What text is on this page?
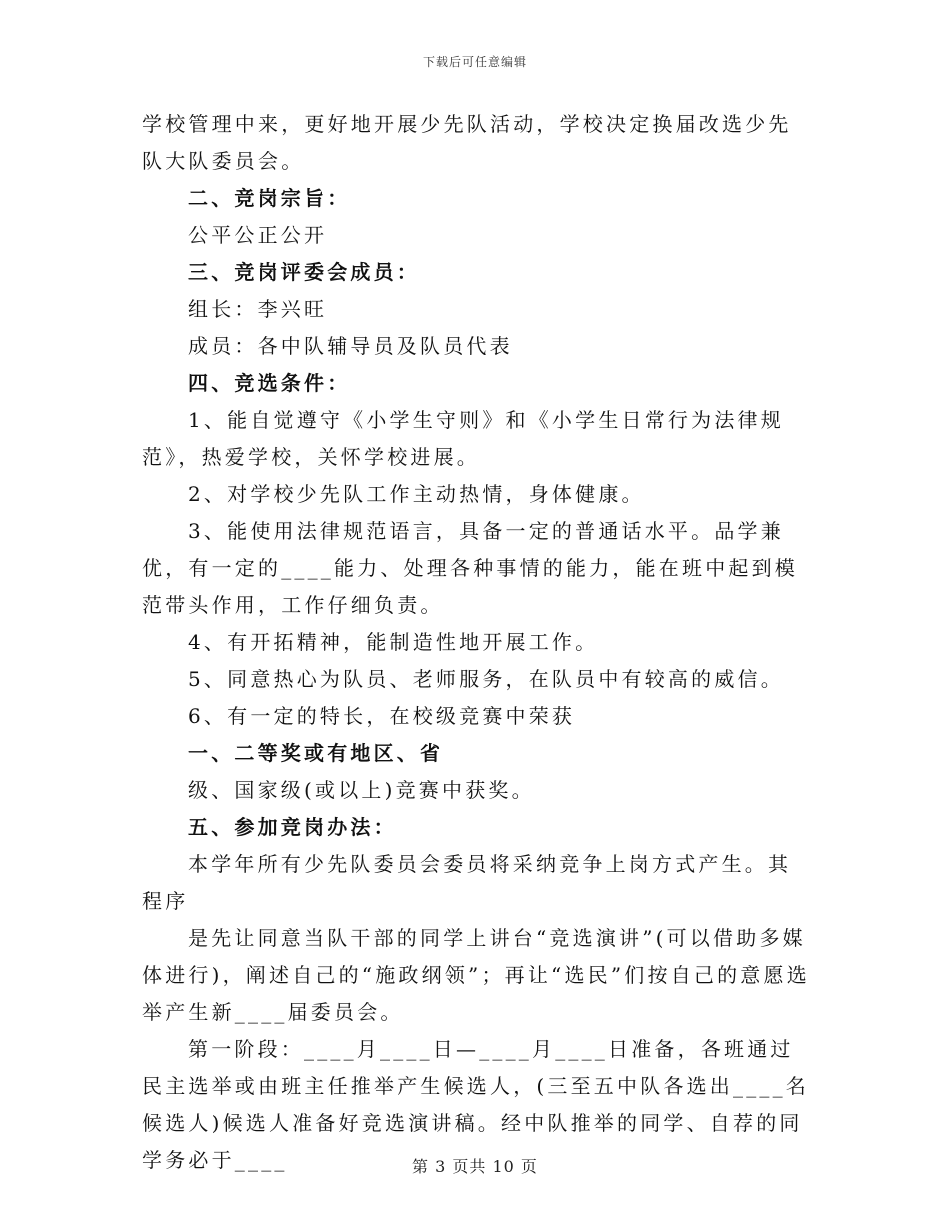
下载后可任意编辑

学校管理中来，更好地开展少先队活动，学校决定换届改选少先队大队委员会。

二、竞岗宗旨：

公平公正公开

三、竞岗评委会成员：

组长：李兴旺

成员：各中队辅导员及队员代表

四、竞选条件：

1、能自觉遵守《小学生守则》和《小学生日常行为法律规范》，热爱学校，关怀学校进展。

2、对学校少先队工作主动热情，身体健康。

3、能使用法律规范语言，具备一定的普通话水平。品学兼优，有一定的____能力、处理各种事情的能力，能在班中起到模范带头作用，工作仔细负责。

4、有开拓精神，能制造性地开展工作。

5、同意热心为队员、老师服务，在队员中有较高的威信。

6、有一定的特长，在校级竞赛中荣获

一、二等奖或有地区、省

级、国家级(或以上)竞赛中获奖。

五、参加竞岗办法：

本学年所有少先队委员会委员将采纳竞争上岗方式产生。其程序

是先让同意当队干部的同学上讲台“竞选演讲”(可以借助多媒体进行)，阐述自己的“施政纲领”；再让“选民”们按自己的意愿选举产生新____届委员会。

第一阶段：____月____日—____月____日准备，各班通过民主选举或由班主任推举产生候选人，(三至五中队各选出____名候选人)候选人准备好竞选演讲稿。经中队推举的同学、自荐的同学务必于____	第 3 页共 10 页
